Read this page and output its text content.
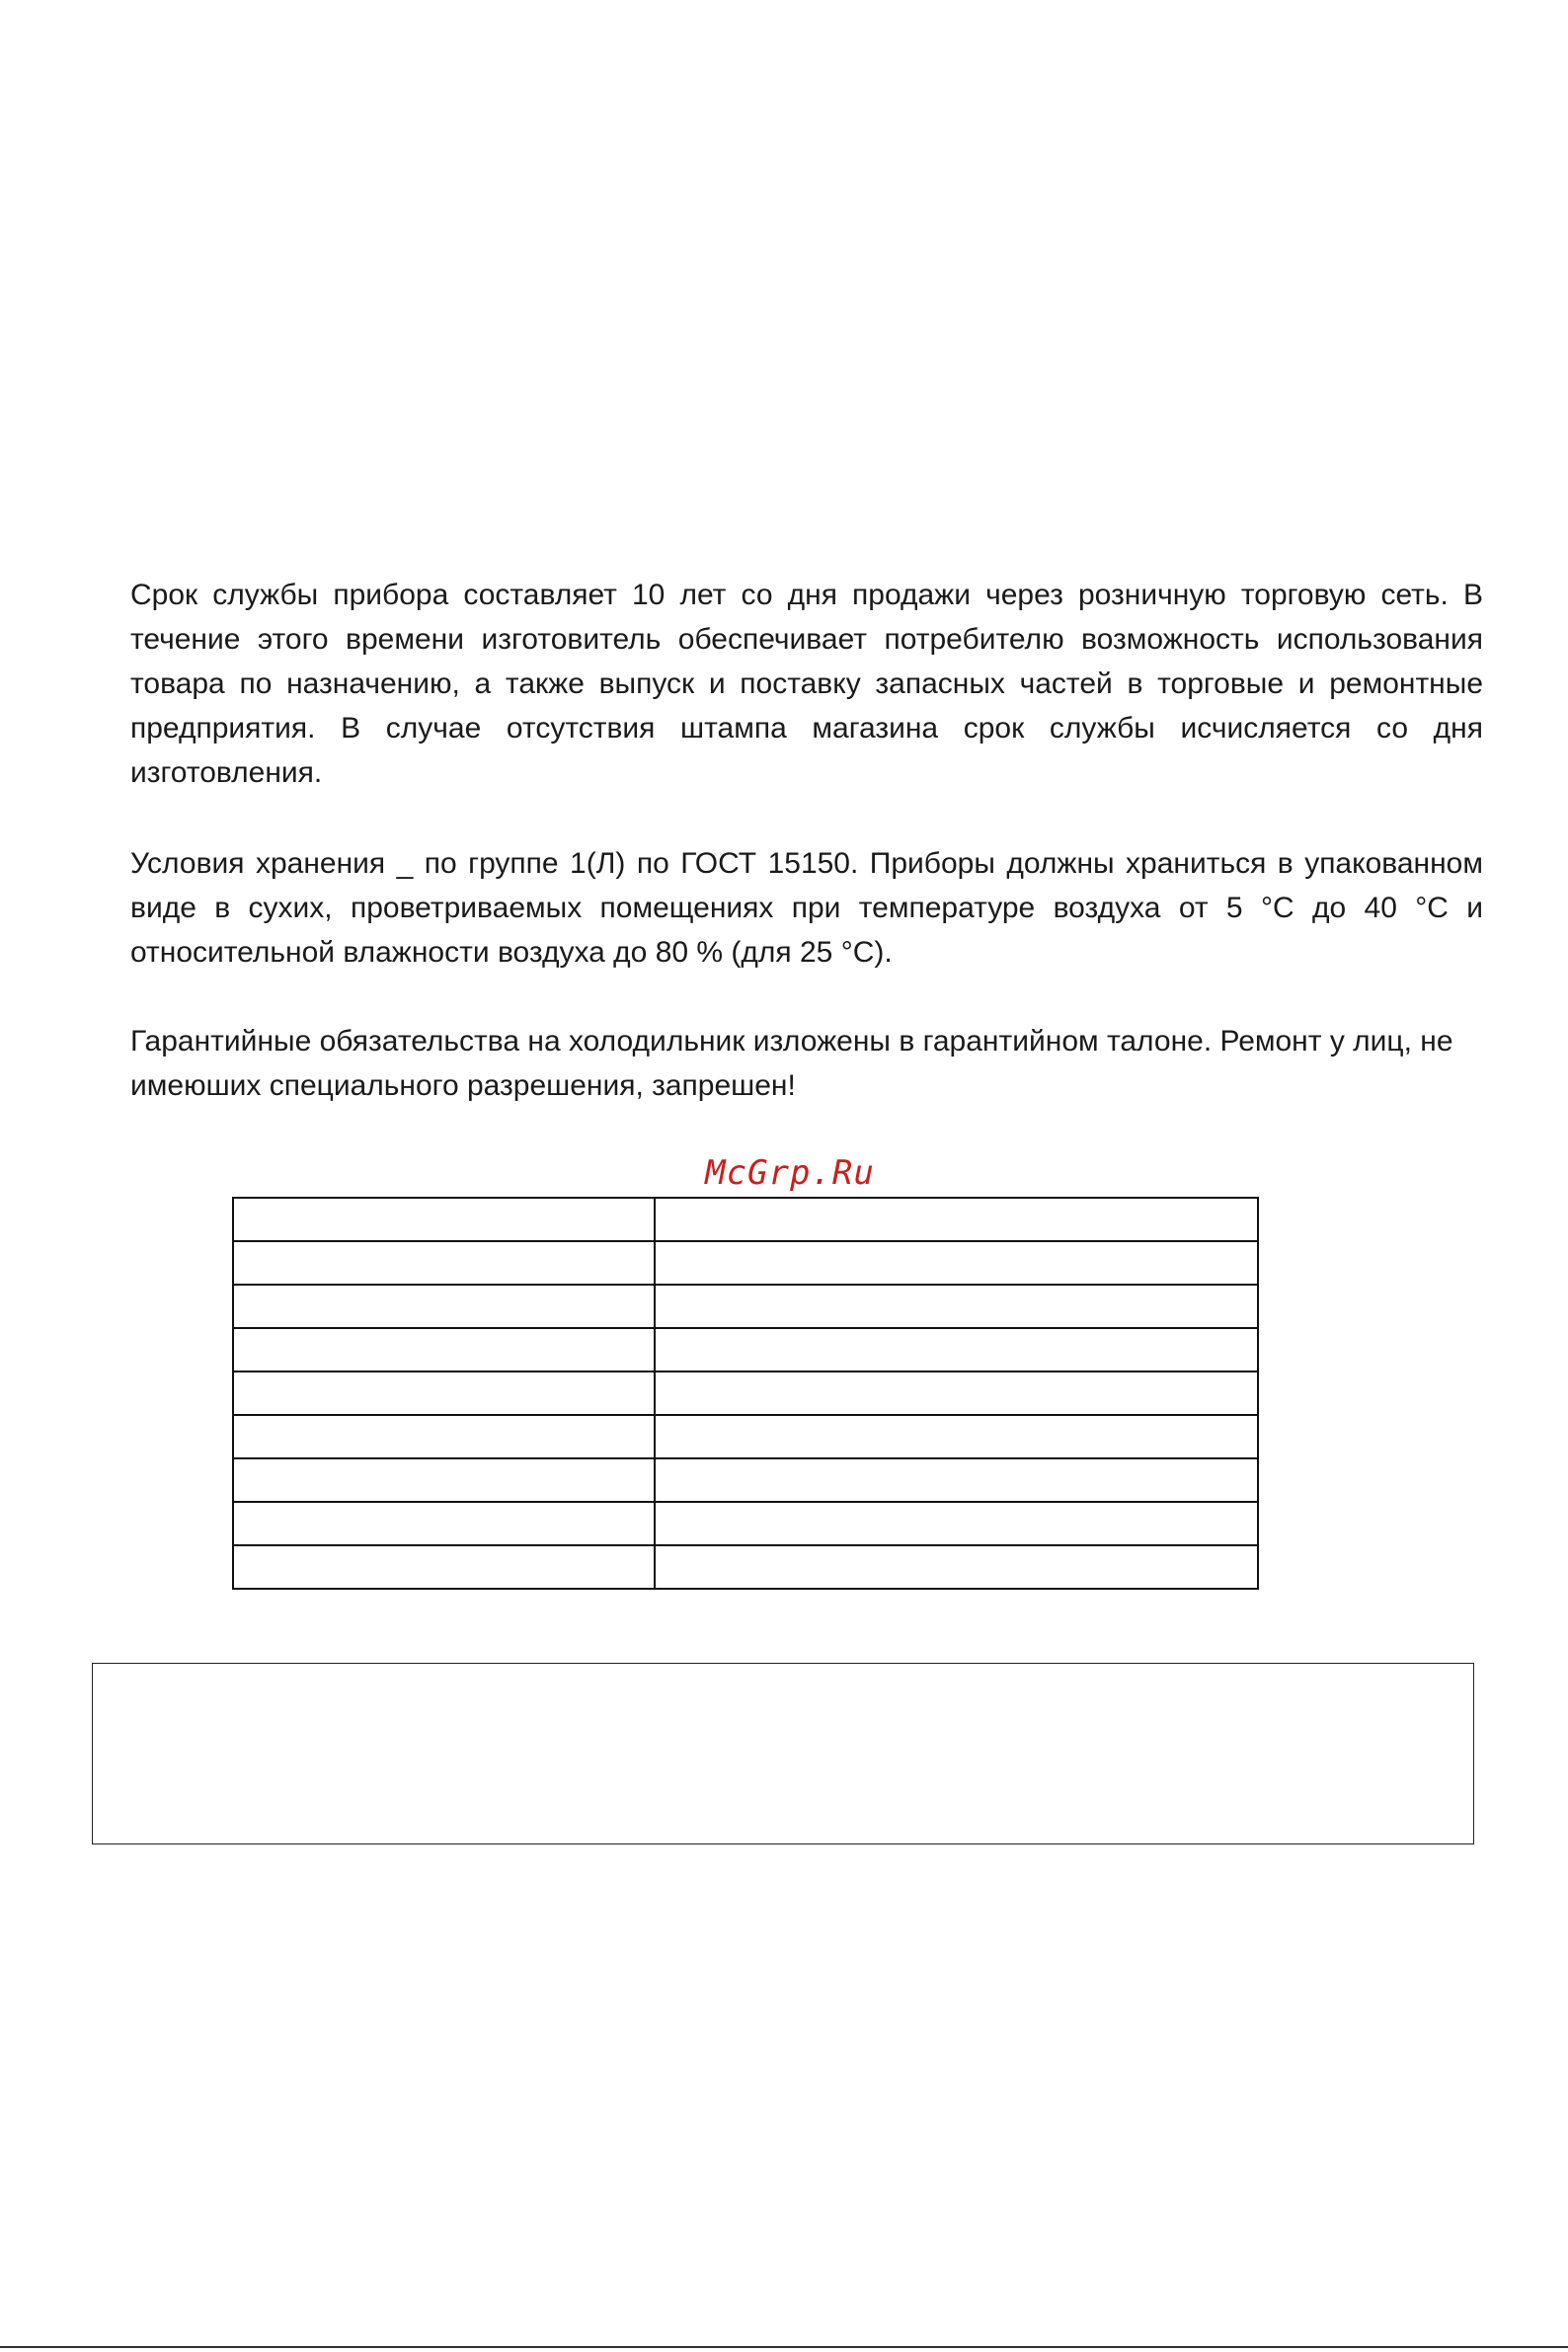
Срок службы прибора составляет 10 лет со дня продажи через розничную торговую сеть. В течение этого времени изготовитель обеспечивает потребителю возможность использования товара по назначению, а также выпуск и поставку запасных частей в торговые и ремонтные предприятия. В случае отсутствия штампа магазина срок службы исчисляется со дня изготовления.

Условия хранения _ по группе 1(Л) по ГОСТ 15150. Приборы должны храниться в упакованном виде в сухих, проветриваемых помещениях при температуре воздуха от 5 °С до 40 °С и относительной влажности воздуха до 80 % (для 25 °С).

Гарантийные обязательства на холодильник изложены в гарантийном талоне. Ремонт у лиц, не имеюших специального разрешения, запрешен!

McGrp.Ru
